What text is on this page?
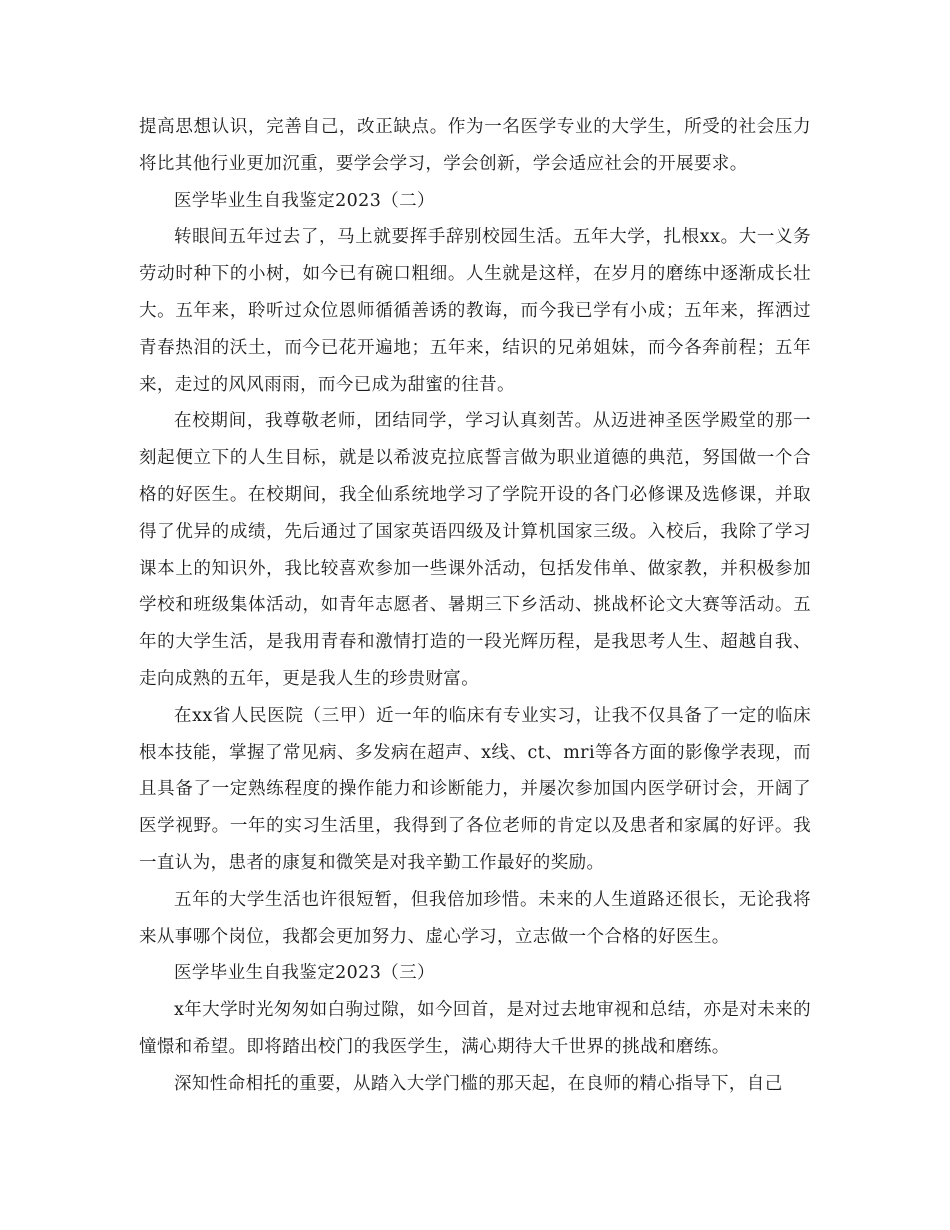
提高思想认识，完善自己，改正缺点。作为一名医学专业的大学生，所受的社会压力将比其他行业更加沉重，要学会学习，学会创新，学会适应社会的开展要求。

医学毕业生自我鉴定2023（二）

转眼间五年过去了，马上就要挥手辞别校园生活。五年大学，扎根xx。大一义务劳动时种下的小树，如今已有碗口粗细。人生就是这样，在岁月的磨练中逐渐成长壮大。五年来，聆听过众位恩师循循善诱的教诲，而今我已学有小成；五年来，挥洒过青春热泪的沃土，而今已花开遍地；五年来，结识的兄弟姐妹，而今各奔前程；五年来，走过的风风雨雨，而今已成为甜蜜的往昔。

在校期间，我尊敬老师，团结同学，学习认真刻苦。从迈进神圣医学殿堂的那一刻起便立下的人生目标，就是以希波克拉底誓言做为职业道德的典范，努国做一个合格的好医生。在校期间，我全仙系统地学习了学院开设的各门必修课及选修课，并取得了优异的成绩，先后通过了国家英语四级及计算机国家三级。入校后，我除了学习课本上的知识外，我比较喜欢参加一些课外活动，包括发伟单、做家教，并积极参加学校和班级集体活动，如青年志愿者、暑期三下乡活动、挑战杯论文大赛等活动。五年的大学生活，是我用青春和激情打造的一段光辉历程，是我思考人生、超越自我、走向成熟的五年，更是我人生的珍贵财富。

在xx省人民医院（三甲）近一年的临床有专业实习，让我不仅具备了一定的临床根本技能，掌握了常见病、多发病在超声、x线、ct、mri等各方面的影像学表现，而且具备了一定熟练程度的操作能力和诊断能力，并屡次参加国内医学研讨会，开阔了医学视野。一年的实习生活里，我得到了各位老师的肯定以及患者和家属的好评。我一直认为，患者的康复和微笑是对我辛勤工作最好的奖励。

五年的大学生活也许很短暂，但我倍加珍惜。未来的人生道路还很长，无论我将来从事哪个岗位，我都会更加努力、虚心学习，立志做一个合格的好医生。

医学毕业生自我鉴定2023（三）

x年大学时光匆匆如白驹过隙，如今回首，是对过去地审视和总结，亦是对未来的憧憬和希望。即将踏出校门的我医学生，满心期待大千世界的挑战和磨练。

深知性命相托的重要，从踏入大学门槛的那天起，在良师的精心指导下，自己
